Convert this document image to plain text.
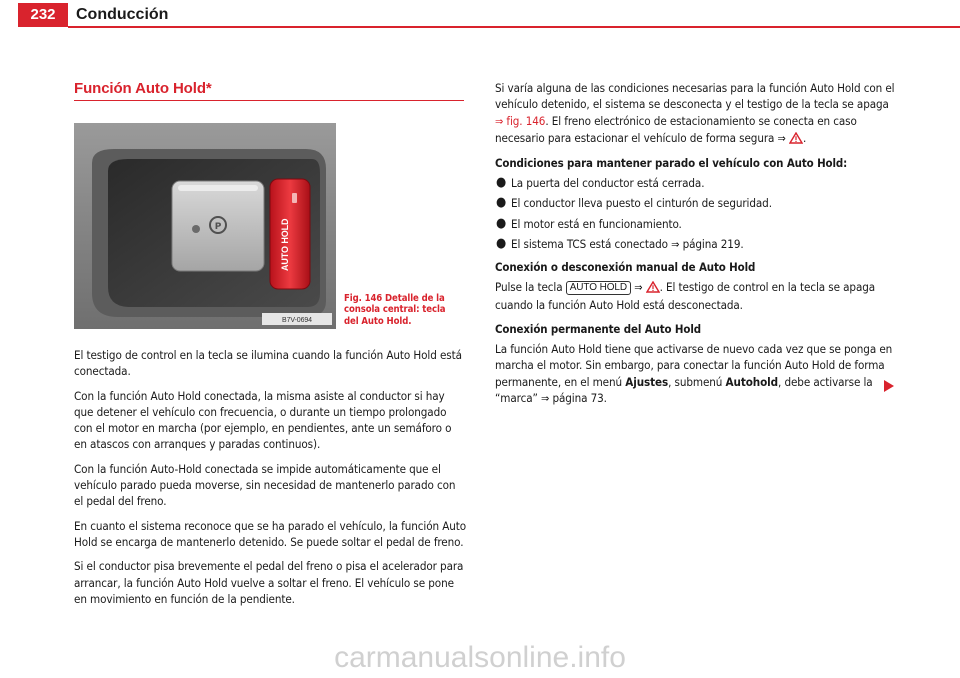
232	Conducción
Función Auto Hold*
P	AUTO HOLD
B7V-0694
Fig. 146 Detalle de la consola central: tecla del Auto Hold.

El testigo de control en la tecla se ilumina cuando la función Auto Hold está conectada.

Con la función Auto Hold conectada, la misma asiste al conductor si hay que detener el vehículo con frecuencia, o durante un tiempo prolongado con el motor en marcha (por ejemplo, en pendientes, ante un semáforo o en atascos con arranques y paradas continuos).

Con la función Auto-Hold conectada se impide automáticamente que el vehículo parado pueda moverse, sin necesidad de mantenerlo parado con el pedal del freno.

En cuanto el sistema reconoce que se ha parado el vehículo, la función Auto Hold se encarga de mantenerlo detenido. Se puede soltar el pedal de freno.

Si el conductor pisa brevemente el pedal del freno o pisa el acelerador para arrancar, la función Auto Hold vuelve a soltar el freno. El vehículo se pone en movimiento en función de la pendiente.

Si varía alguna de las condiciones necesarias para la función Auto Hold con el vehículo detenido, el sistema se desconecta y el testigo de la tecla se apaga ⇒ fig. 146. El freno electrónico de estacionamiento se conecta en caso necesario para estacionar el vehículo de forma segura ⇒ .

Condiciones para mantener parado el vehículo con Auto Hold:
● La puerta del conductor está cerrada.
● El conductor lleva puesto el cinturón de seguridad.
● El motor está en funcionamiento.
● El sistema TCS está conectado ⇒ página 219.
Conexión o desconexión manual de Auto Hold

Pulse la tecla AUTO HOLD ⇒ . El testigo de control en la tecla se apaga cuando la función Auto Hold está desconectada.

Conexión permanente del Auto Hold

La función Auto Hold tiene que activarse de nuevo cada vez que se ponga en marcha el motor. Sin embargo, para conectar la función Auto Hold de forma permanente, en el menú Ajustes, submenú Autohold, debe activarse la “marca” ⇒ página 73.

carmanualsonline.info
